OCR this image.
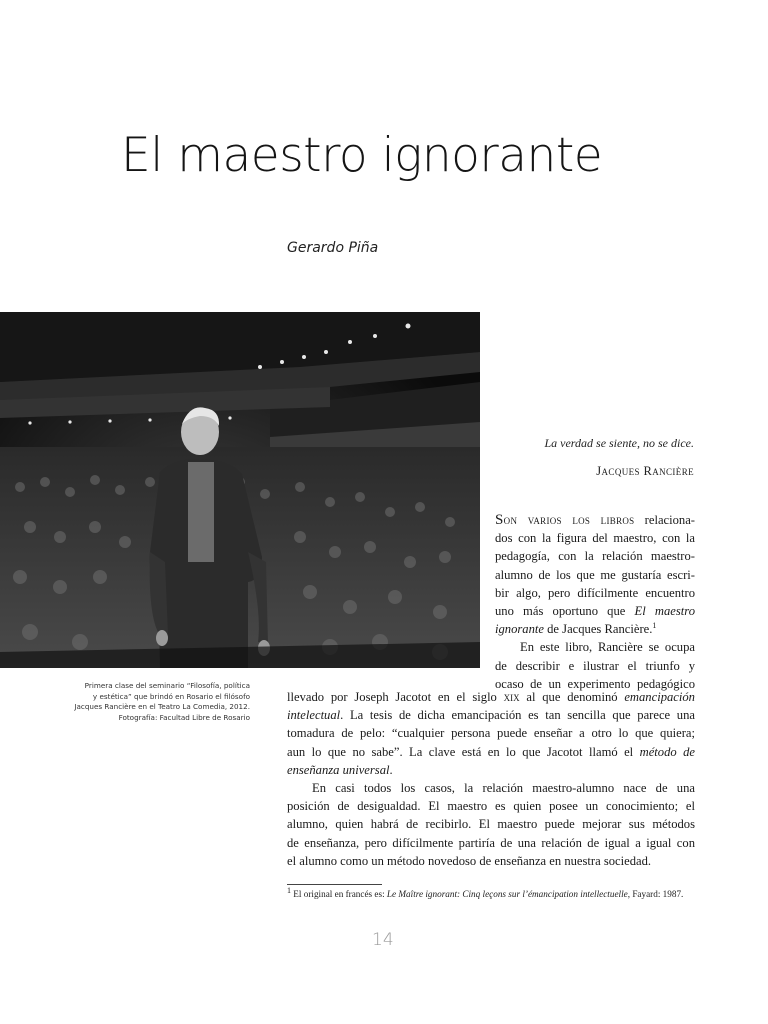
El maestro ignorante
Gerardo Piña
Primera clase del seminario “Filosofía, política
y estética” que brindó en Rosario el filósofo
Jacques Rancière en el Teatro La Comedia, 2012.
Fotografía: Facultad Libre de Rosario
La verdad se siente, no se dice.
Jacques Rancière

Son varios los libros relaciona-
dos con la figura del maestro, con la
pedagogía, con la relación maestro-
alumno de los que me gustaría escri-
bir algo, pero difícilmente encuentro
uno más oportuno que El maestro
ignorante de Jacques Rancière.$^1$

En este libro, Rancière se ocupa
de describir e ilustrar el triunfo y
ocaso de un experimento pedagógico

llevado por Joseph Jacotot en el siglo xix al que denominó emancipación
intelectual. La tesis de dicha emancipación es tan sencilla que parece una
tomadura de pelo: “cualquier persona puede enseñar a otro lo que quiera;
aun lo que no sabe”. La clave está en lo que Jacotot llamó el método de
enseñanza universal.
En casi todos los casos, la relación maestro-alumno nace de una
posición de desigualdad. El maestro es quien posee un conocimiento; el
alumno, quien habrá de recibirlo. El maestro puede mejorar sus métodos
de enseñanza, pero difícilmente partiría de una relación de igual a igual con
el alumno como un método novedoso de enseñanza en nuestra sociedad.
$^1$ El original en francés es: Le Maître ignorant: Cinq leçons sur l’émancipation intellectuelle, Fayard: 1987.
14
